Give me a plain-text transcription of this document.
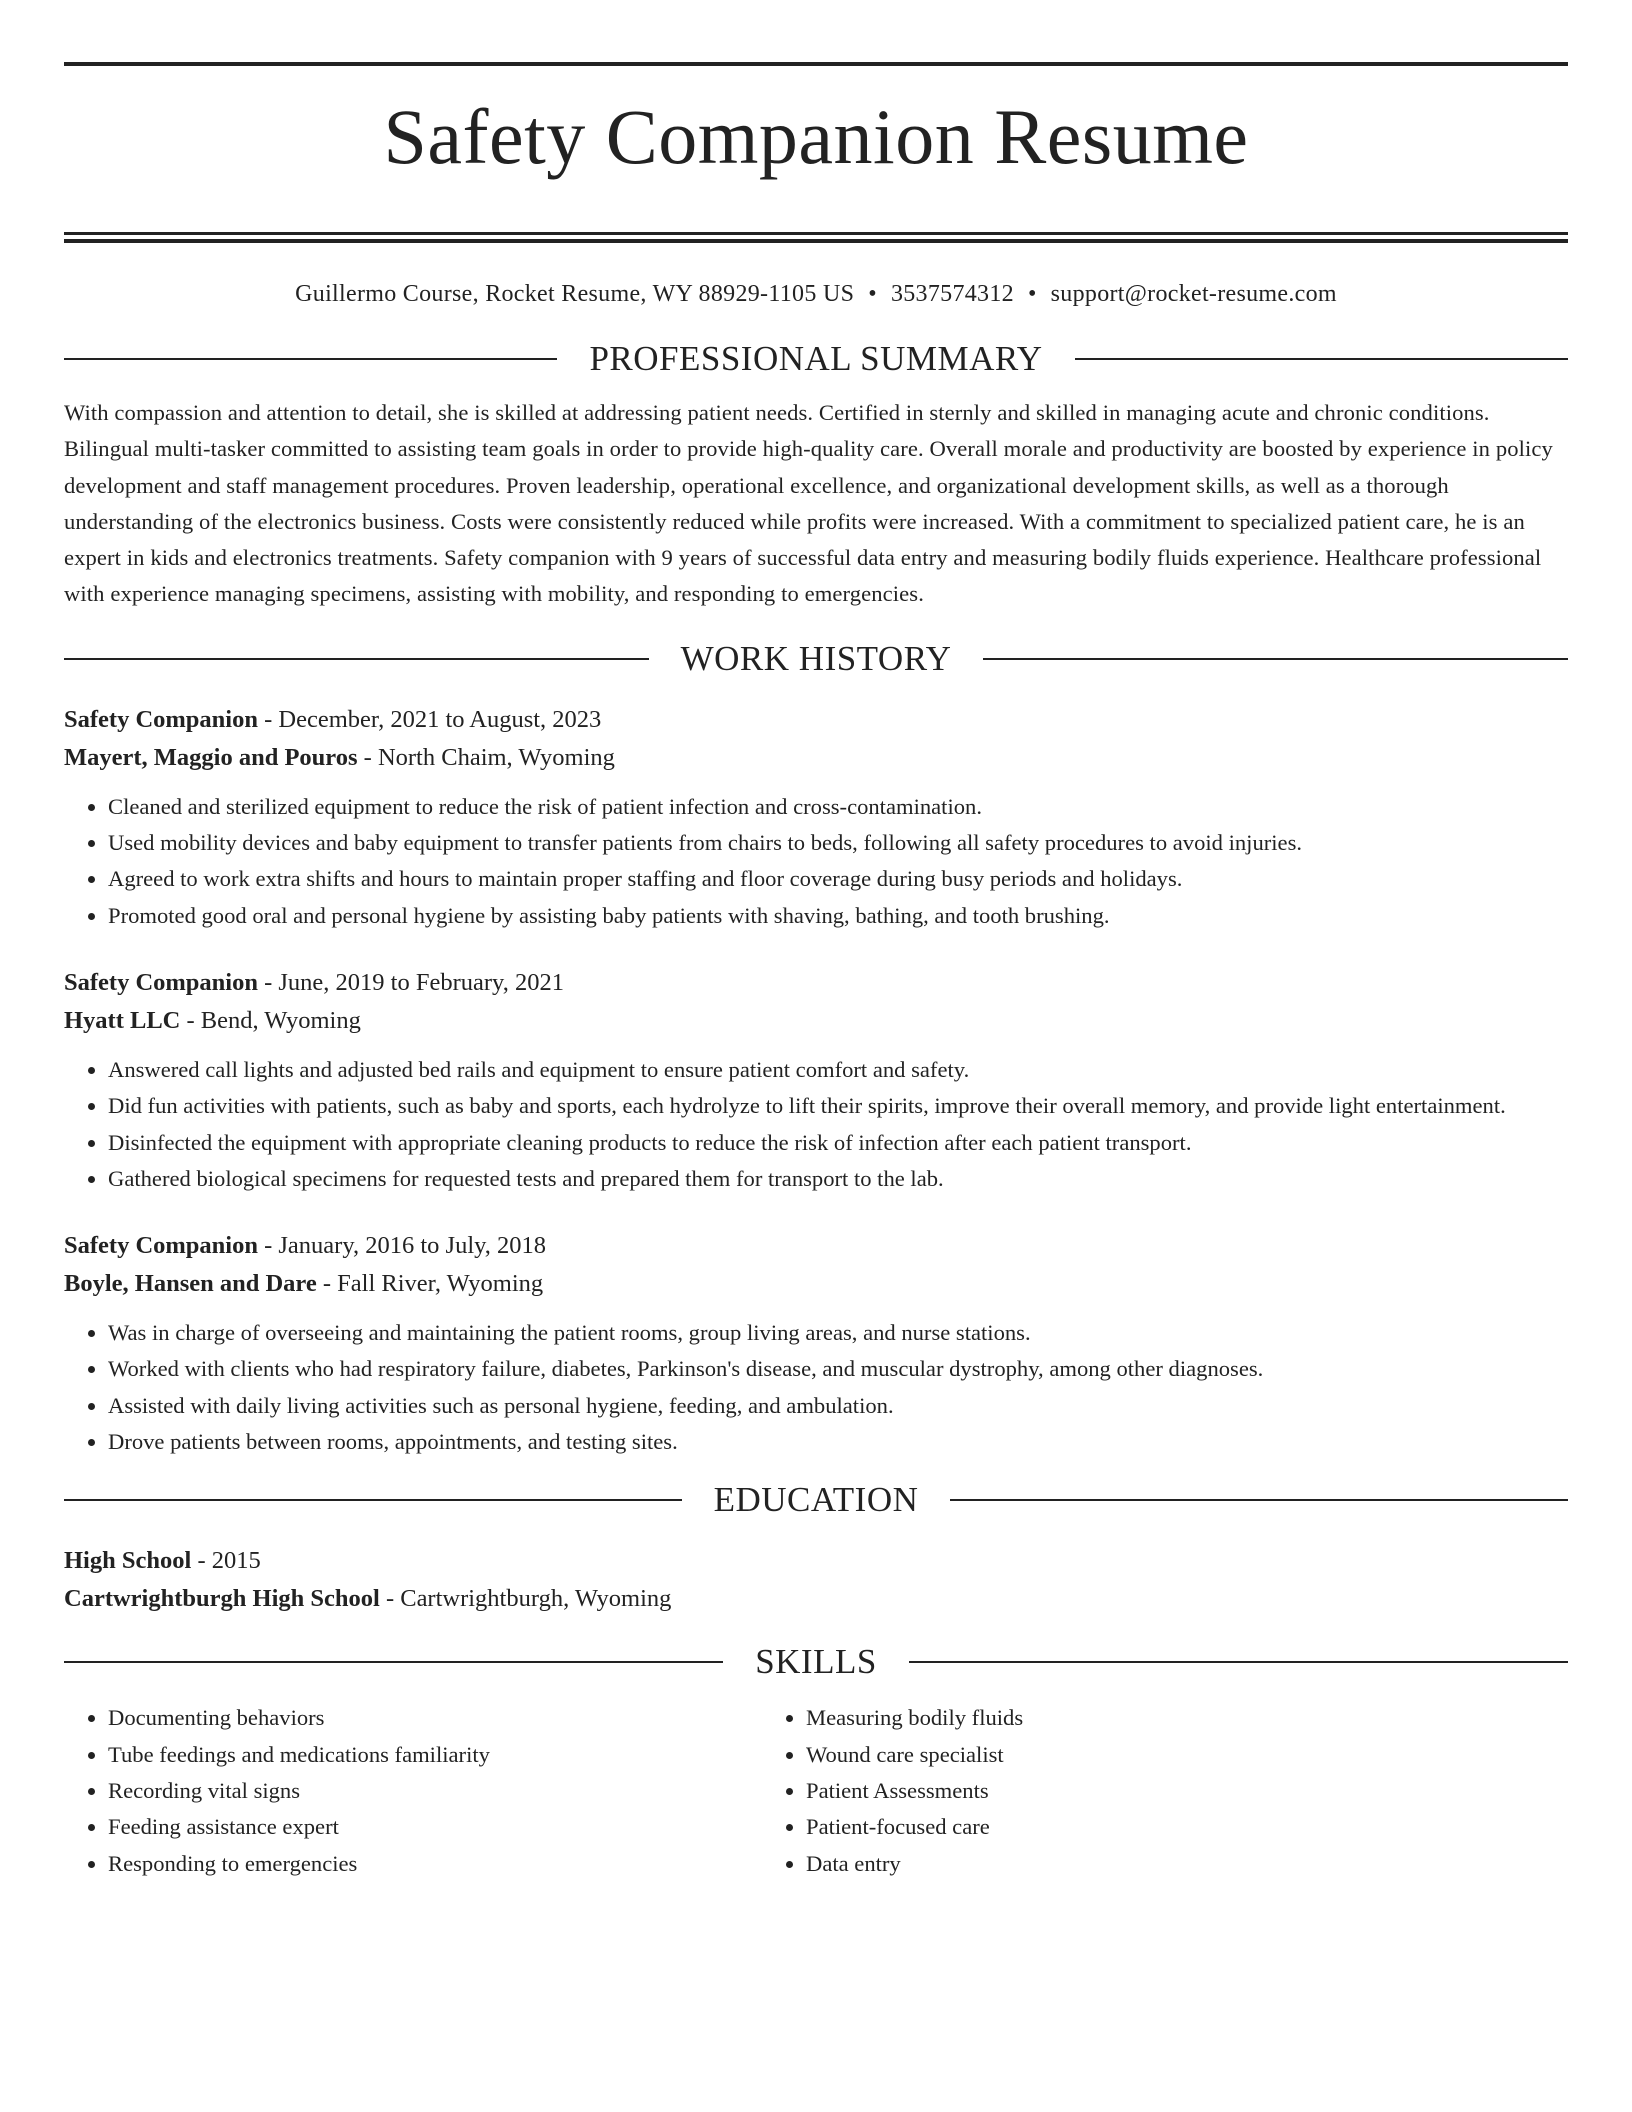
Safety Companion Resume
Guillermo Course, Rocket Resume, WY 88929-1105 US • 3537574312 • support@rocket-resume.com
PROFESSIONAL SUMMARY
With compassion and attention to detail, she is skilled at addressing patient needs. Certified in sternly and skilled in managing acute and chronic conditions. Bilingual multi-tasker committed to assisting team goals in order to provide high-quality care. Overall morale and productivity are boosted by experience in policy development and staff management procedures. Proven leadership, operational excellence, and organizational development skills, as well as a thorough understanding of the electronics business. Costs were consistently reduced while profits were increased. With a commitment to specialized patient care, he is an expert in kids and electronics treatments. Safety companion with 9 years of successful data entry and measuring bodily fluids experience. Healthcare professional with experience managing specimens, assisting with mobility, and responding to emergencies.
WORK HISTORY
Safety Companion - December, 2021 to August, 2023
Mayert, Maggio and Pouros - North Chaim, Wyoming
• Cleaned and sterilized equipment to reduce the risk of patient infection and cross-contamination.
• Used mobility devices and baby equipment to transfer patients from chairs to beds, following all safety procedures to avoid injuries.
• Agreed to work extra shifts and hours to maintain proper staffing and floor coverage during busy periods and holidays.
• Promoted good oral and personal hygiene by assisting baby patients with shaving, bathing, and tooth brushing.
Safety Companion - June, 2019 to February, 2021
Hyatt LLC - Bend, Wyoming
• Answered call lights and adjusted bed rails and equipment to ensure patient comfort and safety.
• Did fun activities with patients, such as baby and sports, each hydrolyze to lift their spirits, improve their overall memory, and provide light entertainment.
• Disinfected the equipment with appropriate cleaning products to reduce the risk of infection after each patient transport.
• Gathered biological specimens for requested tests and prepared them for transport to the lab.
Safety Companion - January, 2016 to July, 2018
Boyle, Hansen and Dare - Fall River, Wyoming
• Was in charge of overseeing and maintaining the patient rooms, group living areas, and nurse stations.
• Worked with clients who had respiratory failure, diabetes, Parkinson's disease, and muscular dystrophy, among other diagnoses.
• Assisted with daily living activities such as personal hygiene, feeding, and ambulation.
• Drove patients between rooms, appointments, and testing sites.
EDUCATION
High School - 2015
Cartwrightburgh High School - Cartwrightburgh, Wyoming
SKILLS
• Documenting behaviors
• Tube feedings and medications familiarity
• Recording vital signs
• Feeding assistance expert
• Responding to emergencies
• Measuring bodily fluids
• Wound care specialist
• Patient Assessments
• Patient-focused care
• Data entry
